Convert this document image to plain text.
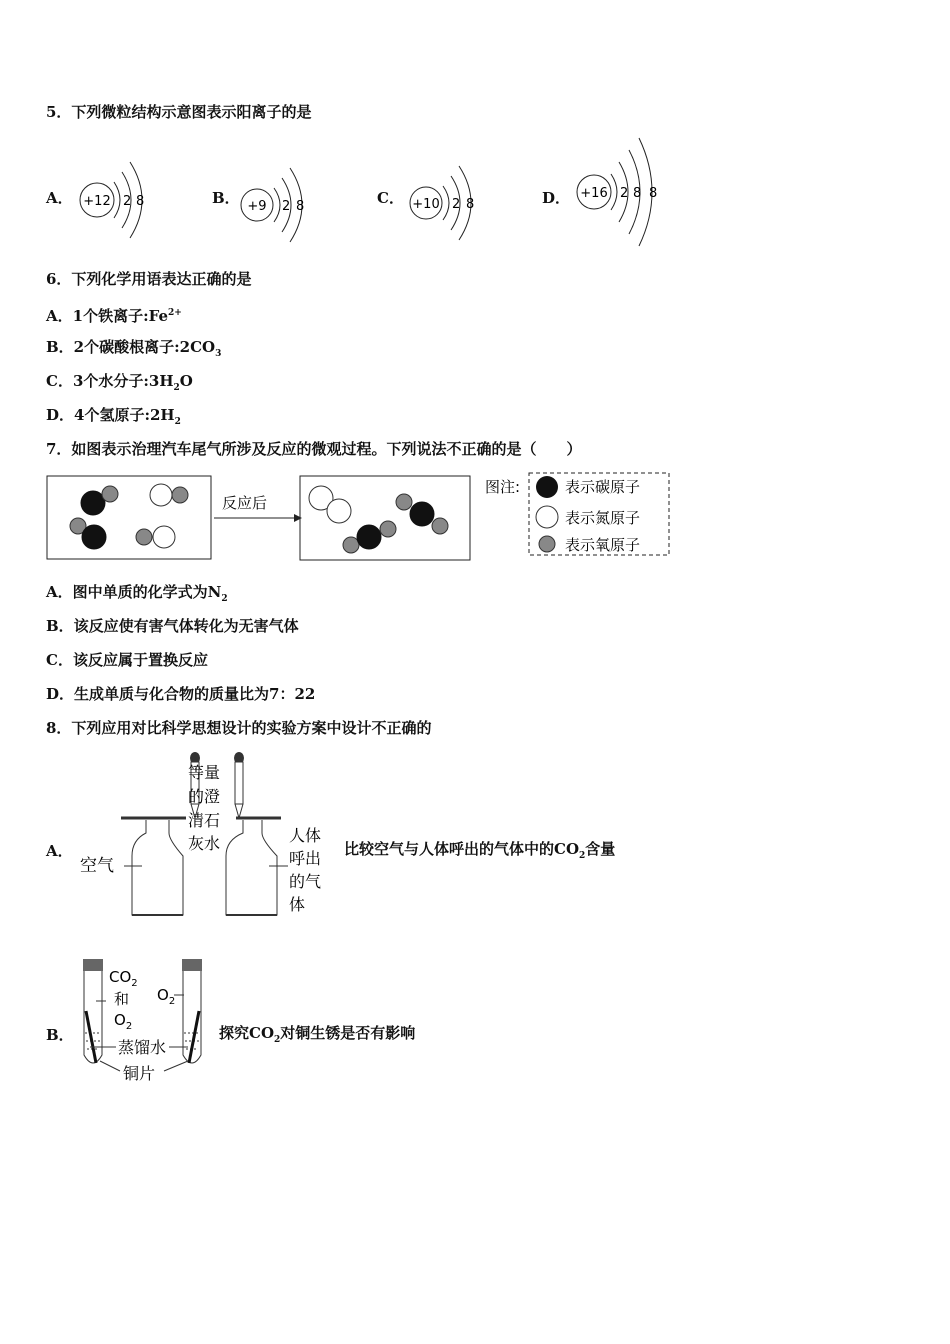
5．下列微粒结构示意图表示阳离子的是
A． +12 2 8	B． +9 2 8	C． +10 2 8	D． +16 2 8 8
6．下列化学用语表达正确的是
A．1个铁离子$:Fe^{2+}$
B．2个碳酸根离子$:2CO_3$
C．3个水分子$:3H_2O$
D．4个氢原子$:2H_2$
7．如图表示治理汽车尾气所涉及反应的微观过程。下列说法不正确的是（　　）
反应后
图注:	表示碳原子
表示氮原子
表示氧原子
A．图中单质的化学式为$N_2$
B．该反应使有害气体转化为无害气体
C．该反应属于置换反应
D．生成单质与化合物的质量比为7：22
8．下列应用对比科学思想设计的实验方案中设计不正确的
A．
等量
的澄
清石
灰水
空气
人体
呼出
的气
体
比较空气与人体呼出的气体中的$CO_2$含量
B．
$CO_2$
和
$O_2$
$O_2$
蒸馏水
铜片
探究$CO_2$对铜生锈是否有影响
